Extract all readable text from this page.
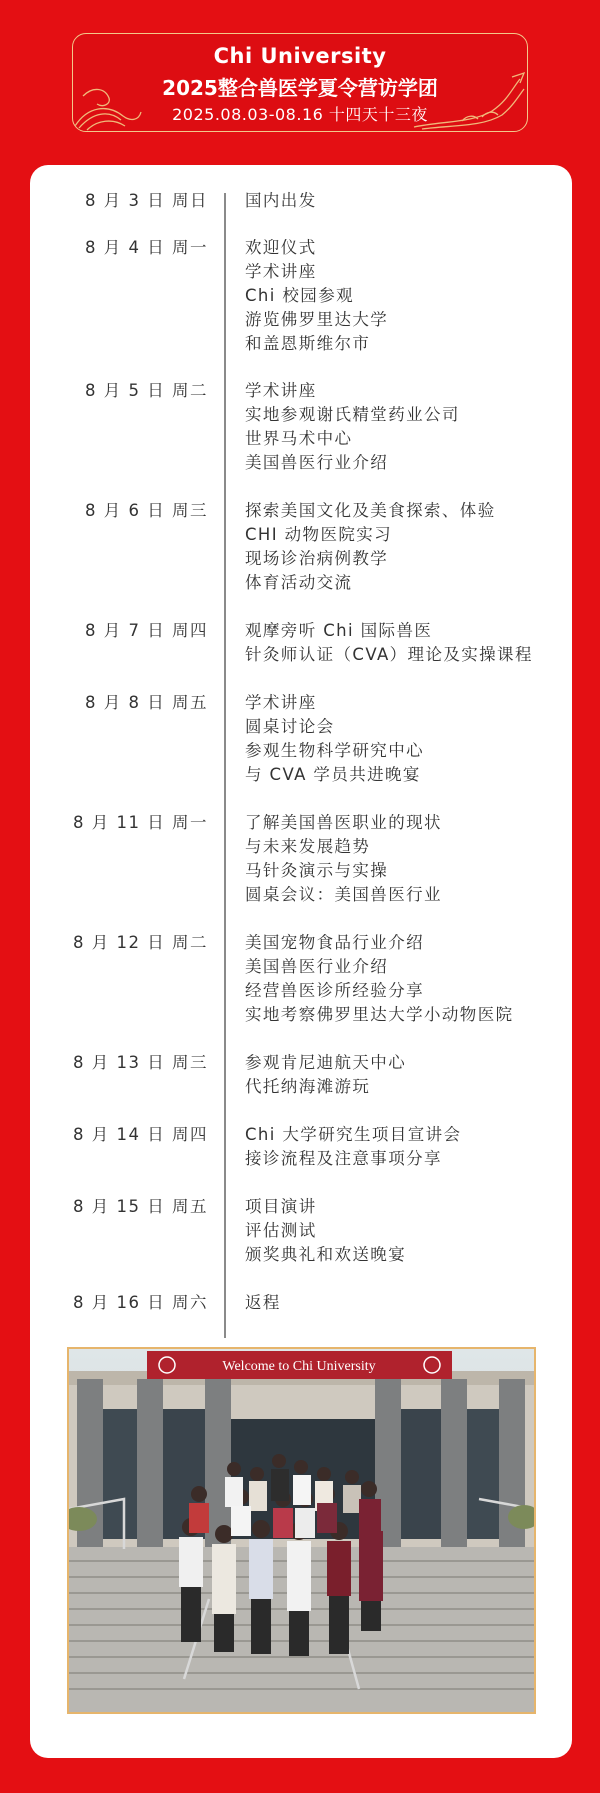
Chi University
2025整合兽医学夏令营访学团
2025.08.03-08.16 十四天十三夜
8 月 3 日 周日 国内出发
8 月 4 日 周一 欢迎仪式
学术讲座
Chi 校园参观
游览佛罗里达大学
和盖恩斯维尔市
8 月 5 日 周二 学术讲座
实地参观谢氏精堂药业公司
世界马术中心
美国兽医行业介绍
8 月 6 日 周三 探索美国文化及美食探索、体验
CHI 动物医院实习
现场诊治病例教学
体育活动交流
8 月 7 日 周四 观摩旁听 Chi 国际兽医
针灸师认证（CVA）理论及实操课程
8 月 8 日 周五 学术讲座
圆桌讨论会
参观生物科学研究中心
与 CVA 学员共进晚宴
8 月 11 日 周一 了解美国兽医职业的现状
与未来发展趋势
马针灸演示与实操
圆桌会议：美国兽医行业
8 月 12 日 周二 美国宠物食品行业介绍
美国兽医行业介绍
经营兽医诊所经验分享
实地考察佛罗里达大学小动物医院
8 月 13 日 周三 参观肯尼迪航天中心
代托纳海滩游玩
8 月 14 日 周四 Chi 大学研究生项目宣讲会
接诊流程及注意事项分享
8 月 15 日 周五 项目演讲
评估测试
颁奖典礼和欢送晚宴
8 月 16 日 周六 返程
Welcome to Chi University
